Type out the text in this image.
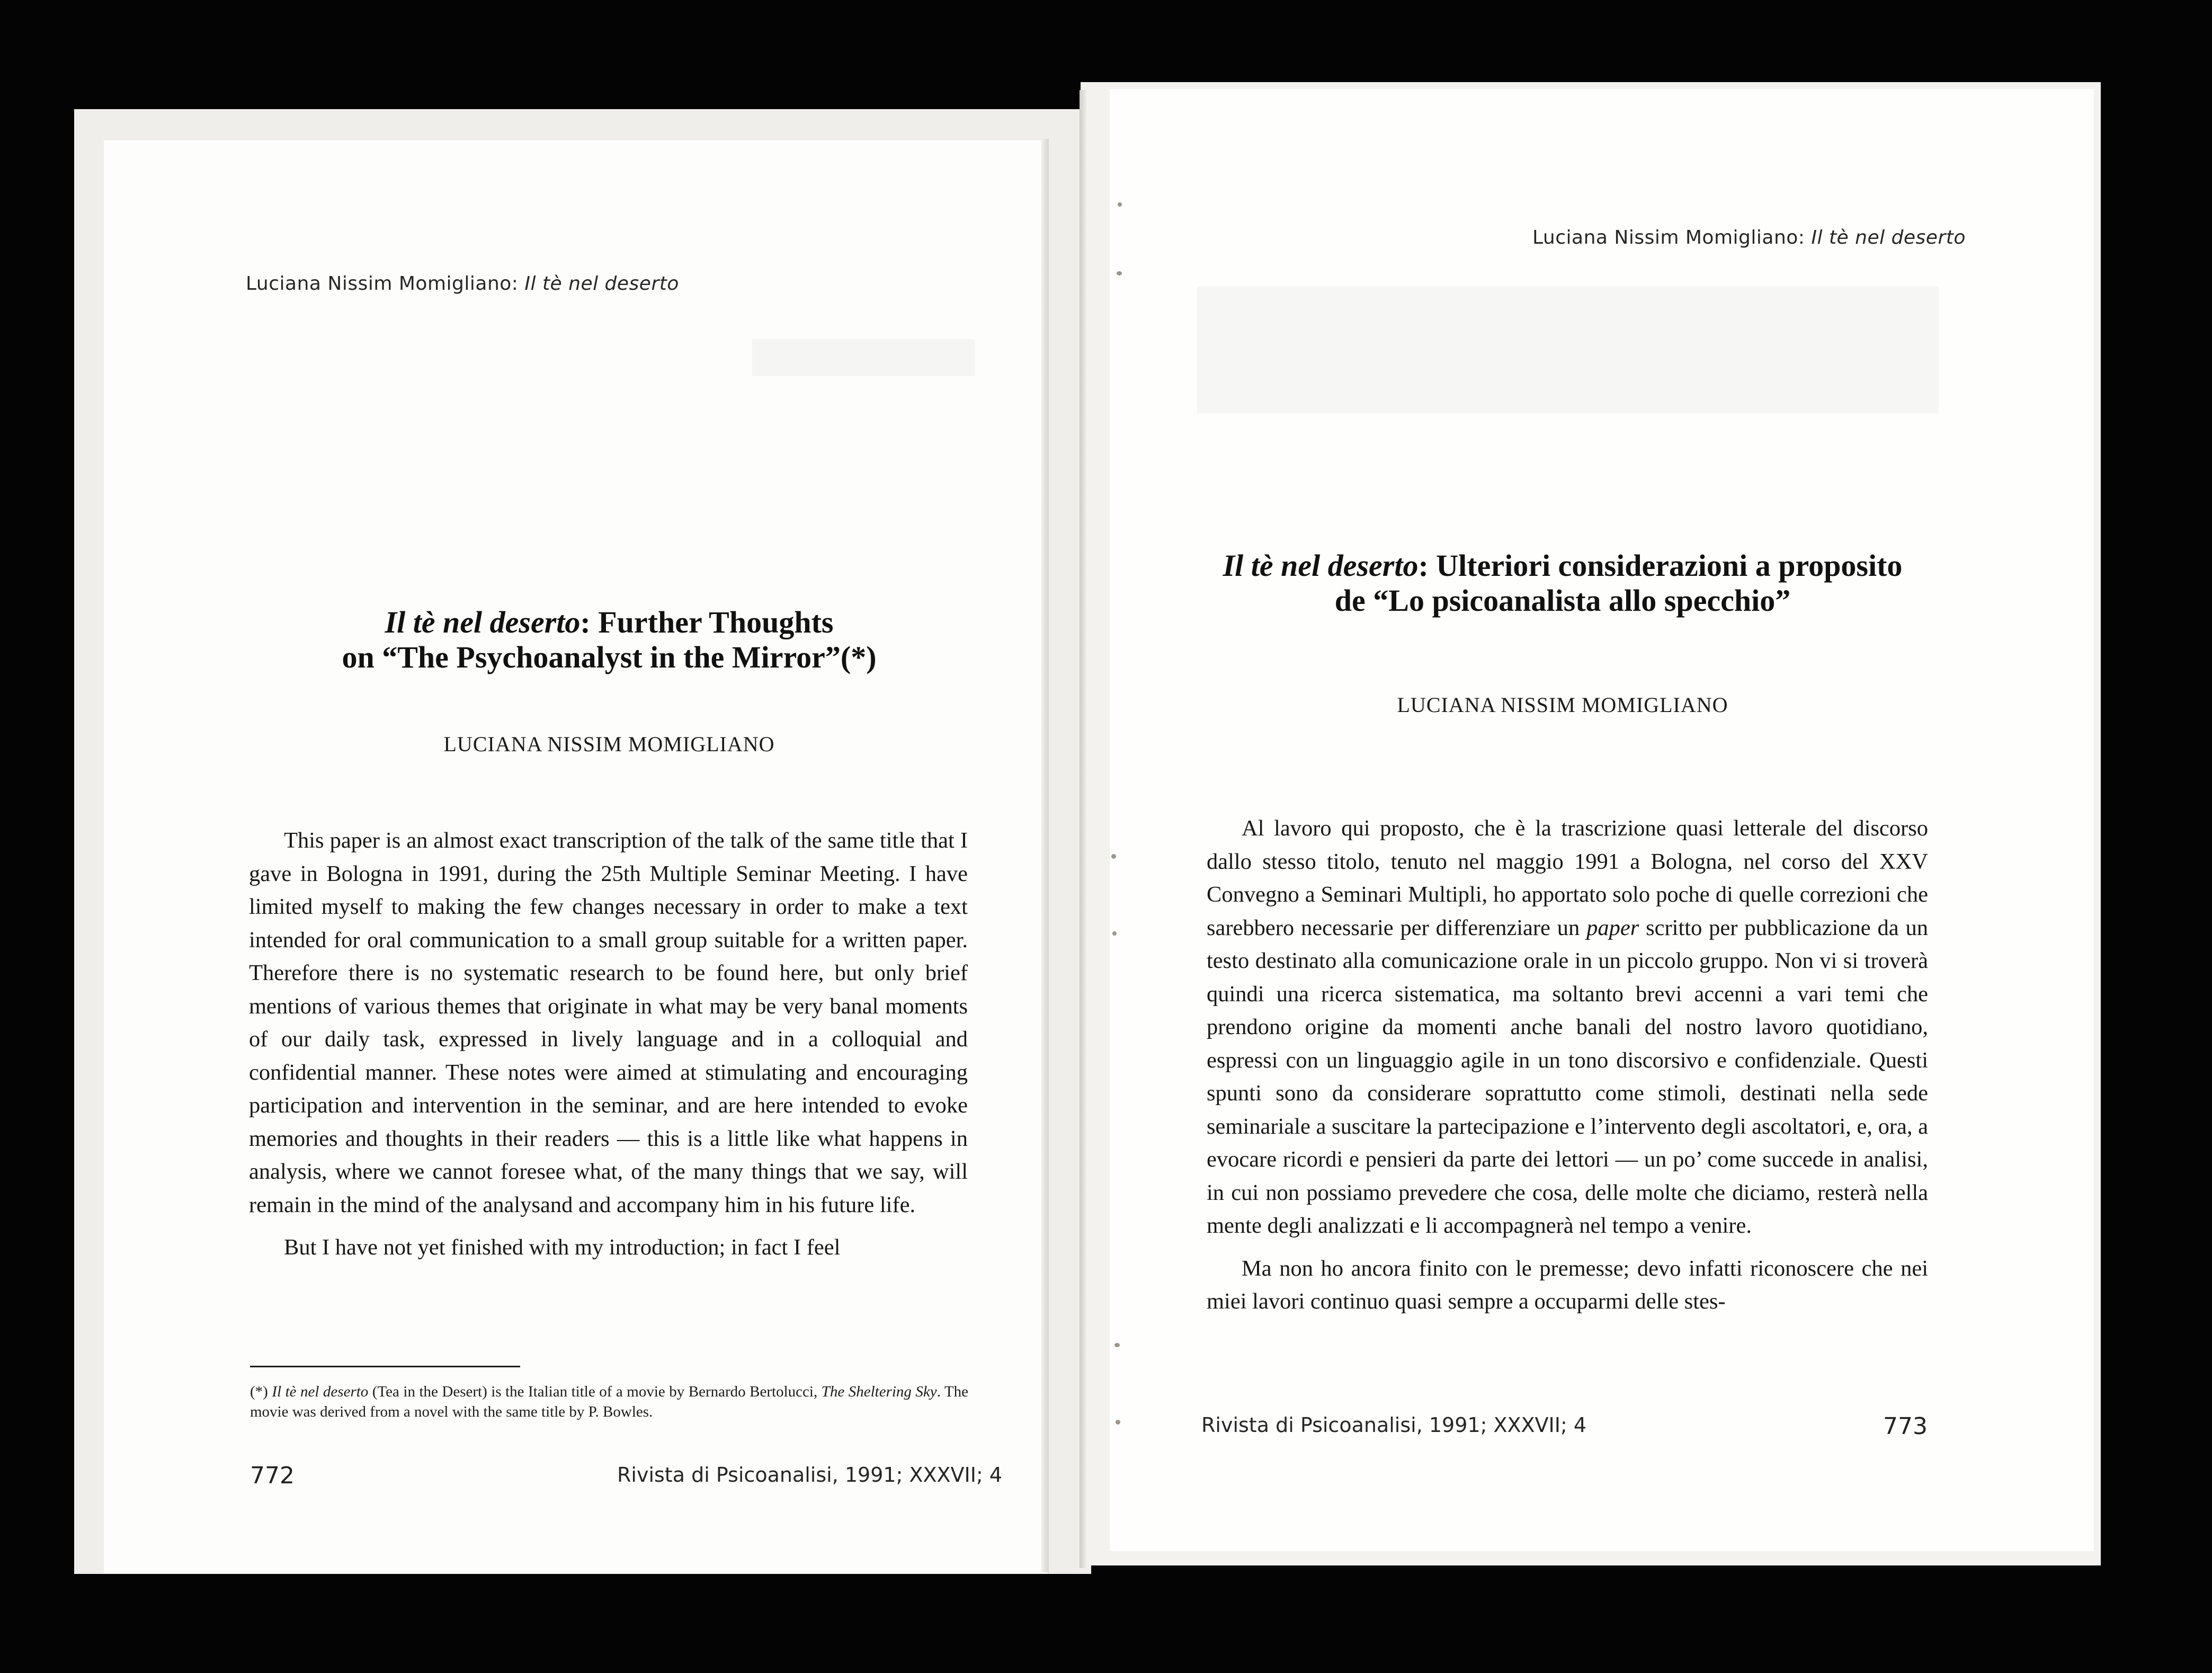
Luciana Nissim Momigliano: Il tè nel deserto
Il tè nel deserto: Further Thoughts
on “The Psychoanalyst in the Mirror”(*)
LUCIANA NISSIM MOMIGLIANO

This paper is an almost exact transcription of the talk of the same title that I gave in Bologna in 1991, during the 25th Multiple Seminar Meeting. I have limited myself to making the few changes necessary in order to make a text intended for oral communication to a small group suitable for a written paper. Therefore there is no systematic research to be found here, but only brief mentions of various themes that originate in what may be very banal moments of our daily task, expressed in lively language and in a colloquial and confidential manner. These notes were aimed at stimulating and encouraging participation and intervention in the seminar, and are here intended to evoke memories and thoughts in their readers — this is a little like what happens in analysis, where we cannot foresee what, of the many things that we say, will remain in the mind of the analysand and accompany him in his future life.

But I have not yet finished with my introduction; in fact I feel

(*) Il tè nel deserto (Tea in the Desert) is the Italian title of a movie by Bernardo Bertolucci, The Sheltering Sky. The movie was derived from a novel with the same title by P. Bowles.
772	Rivista di Psicoanalisi, 1991; XXXVII; 4
Luciana Nissim Momigliano: Il tè nel deserto
Il tè nel deserto: Ulteriori considerazioni a proposito
de “Lo psicoanalista allo specchio”
LUCIANA NISSIM MOMIGLIANO

Al lavoro qui proposto, che è la trascrizione quasi letterale del discorso dallo stesso titolo, tenuto nel maggio 1991 a Bologna, nel corso del XXV Convegno a Seminari Multipli, ho apportato solo poche di quelle correzioni che sarebbero necessarie per differenziare un paper scritto per pubblicazione da un testo destinato alla comunicazione orale in un piccolo gruppo. Non vi si troverà quindi una ricerca sistematica, ma soltanto brevi accenni a vari temi che prendono origine da momenti anche banali del nostro lavoro quotidiano, espressi con un linguaggio agile in un tono discorsivo e confidenziale. Questi spunti sono da considerare soprattutto come stimoli, destinati nella sede seminariale a suscitare la partecipazione e l’intervento degli ascoltatori, e, ora, a evocare ricordi e pensieri da parte dei lettori — un po’ come succede in analisi, in cui non possiamo prevedere che cosa, delle molte che diciamo, resterà nella mente degli analizzati e li accompagnerà nel tempo a venire.

Ma non ho ancora finito con le premesse; devo infatti riconoscere che nei miei lavori continuo quasi sempre a occuparmi delle stes-

Rivista di Psicoanalisi, 1991; XXXVII; 4	773
